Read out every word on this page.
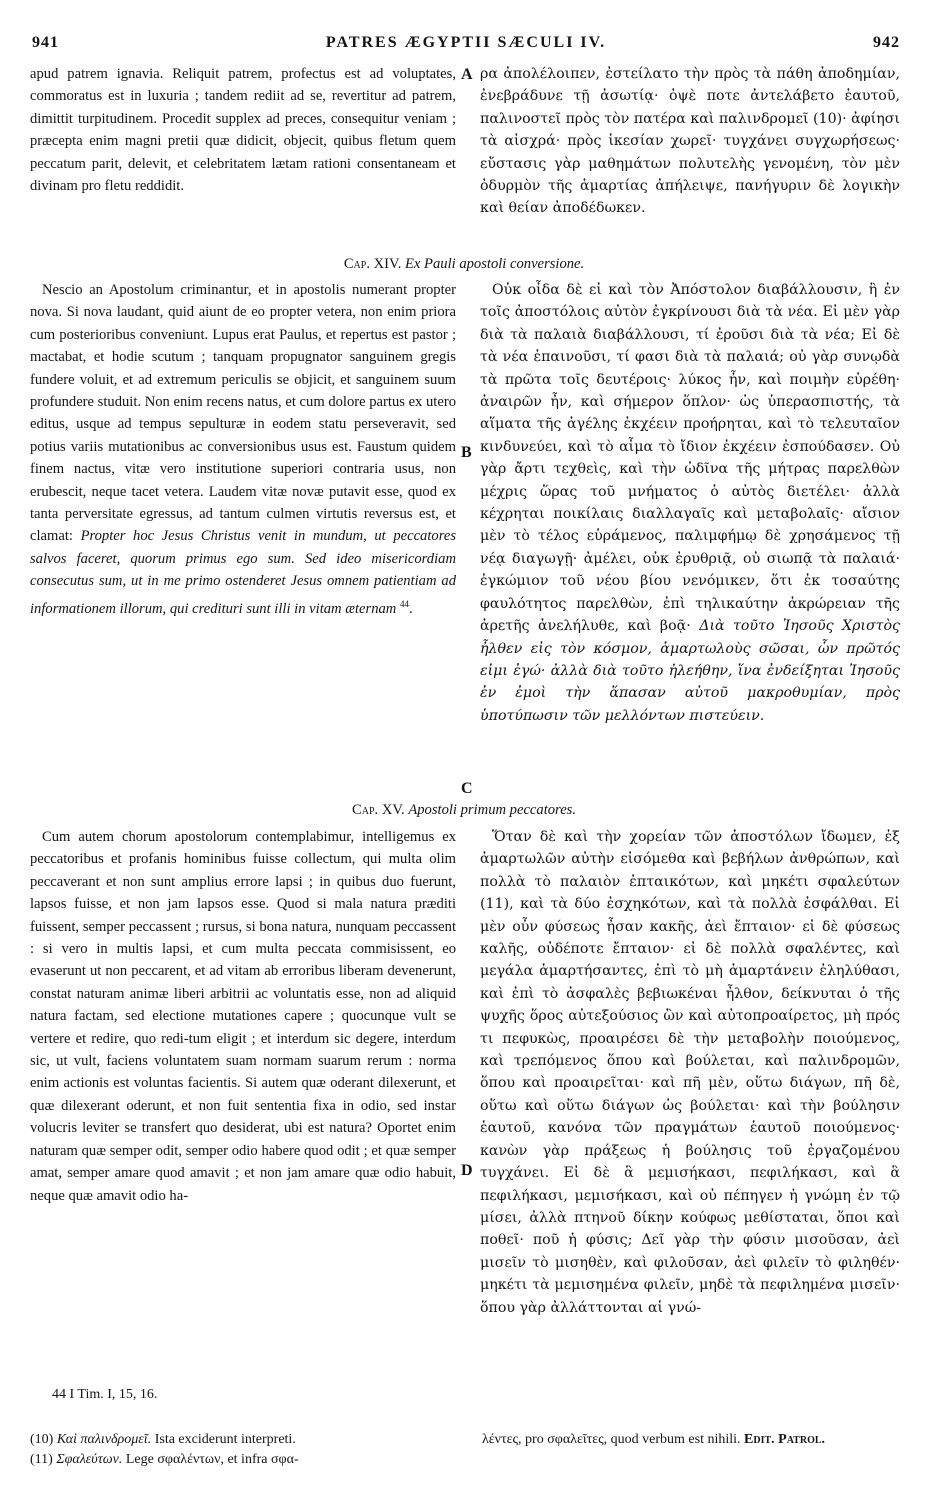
941	PATRES ÆGYPTII SÆCULI IV.	942
A
B
C
D

apud patrem ignavia. Reliquit patrem, profectus est ad voluptates, commoratus est in luxuria ; tandem rediit ad se, revertitur ad patrem, dimittit turpitudinem. Procedit supplex ad preces, consequitur veniam ; præcepta enim magni pretii quæ didicit, objecit, quibus fletum quem peccatum parit, delevit, et celebritatem lætam rationi consentaneam et divinam pro fletu reddidit.

ρα ἀπολέλοιπεν, ἐστείλατο τὴν πρὸς τὰ πάθη ἀποδημίαν, ἐνεβράδυνε τῇ ἀσωτίᾳ· ὀψὲ ποτε ἀντελάβετο ἑαυτοῦ, παλινοστεῖ πρὸς τὸν πατέρα καὶ παλινδρομεῖ (10)· ἀφίησι τὰ αἰσχρά· πρὸς ἱκεσίαν χωρεῖ· τυγχάνει συγχωρήσεως· εὔστασις γὰρ μαθημάτων πολυτελὴς γενομένη, τὸν μὲν ὀδυρμὸν τῆς ἁμαρτίας ἀπήλειψε, πανήγυριν δὲ λογικὴν καὶ θείαν ἀποδέδωκεν.

Cap. XIV. Ex Pauli apostoli conversione.

Nescio an Apostolum criminantur, et in apostolis numerant propter nova. Si nova laudant, quid aiunt de eo propter vetera, non enim priora cum posterioribus conveniunt. Lupus erat Paulus, et repertus est pastor ; mactabat, et hodie scutum ; tanquam propugnator sanguinem gregis fundere voluit, et ad extremum periculis se objicit, et sanguinem suum profundere studuit. Non enim recens natus, et cum dolore partus ex utero editus, usque ad tempus sepulturæ in eodem statu perseveravit, sed potius variis mutationibus ac conversionibus usus est. Faustum quidem finem nactus, vitæ vero institutione superiori contraria usus, non erubescit, neque tacet vetera. Laudem vitæ novæ putavit esse, quod ex tanta perversitate egressus, ad tantum culmen virtutis reversus est, et clamat: Propter hoc Jesus Christus venit in mundum, ut peccatores salvos faceret, quorum primus ego sum. Sed ideo misericordiam consecutus sum, ut in me primo ostenderet Jesus omnem patientiam ad informationem illorum, qui credituri sunt illi in vitam æternam $^{44}$.

Οὐκ οἶδα δὲ εἰ καὶ τὸν Ἀπόστολον διαβάλλουσιν, ἢ ἐν τοῖς ἀποστόλοις αὐτὸν ἐγκρίνουσι διὰ τὰ νέα. Εἰ μὲν γὰρ διὰ τὰ παλαιὰ διαβάλλουσι, τί ἐροῦσι διὰ τὰ νέα; Εἰ δὲ τὰ νέα ἐπαινοῦσι, τί φασι διὰ τὰ παλαιά; οὐ γὰρ συνῳδὰ τὰ πρῶτα τοῖς δευτέροις· λύκος ἦν, καὶ ποιμὴν εὑρέθη· ἀναιρῶν ἦν, καὶ σήμερον ὅπλον· ὡς ὑπερασπιστής, τὰ αἵματα τῆς ἀγέλης ἐκχέειν προήρηται, καὶ τὸ τελευταῖον κινδυνεύει, καὶ τὸ αἷμα τὸ ἴδιον ἐκχέειν ἐσπούδασεν. Οὐ γὰρ ἄρτι τεχθεὶς, καὶ τὴν ὠδῖνα τῆς μήτρας παρελθὼν μέχρις ὥρας τοῦ μνήματος ὁ αὐτὸς διετέλει· ἀλλὰ κέχρηται ποικίλαις διαλλαγαῖς καὶ μεταβολαῖς· αἴσιον μὲν τὸ τέλος εὑράμενος, παλιμφήμῳ δὲ χρησάμενος τῇ νέᾳ διαγωγῇ· ἀμέλει, οὐκ ἐρυθριᾷ, οὐ σιωπᾷ τὰ παλαιά· ἐγκώμιον τοῦ νέου βίου νενόμικεν, ὅτι ἐκ τοσαύτης φαυλότητος παρελθὼν, ἐπὶ τηλικαύτην ἀκρώρειαν τῆς ἀρετῆς ἀνελήλυθε, καὶ βοᾷ· Διὰ τοῦτο Ἰησοῦς Χριστὸς ἦλθεν εἰς τὸν κόσμον, ἁμαρτωλοὺς σῶσαι, ὧν πρῶτός εἰμι ἐγώ· ἀλλὰ διὰ τοῦτο ἠλεήθην, ἵνα ἐνδείξηται Ἰησοῦς ἐν ἐμοὶ τὴν ἅπασαν αὐτοῦ μακροθυμίαν, πρὸς ὑποτύπωσιν τῶν μελλόντων πιστεύειν.

Cap. XV. Apostoli primum peccatores.

Cum autem chorum apostolorum contemplabimur, intelligemus ex peccatoribus et profanis hominibus fuisse collectum, qui multa olim peccaverant et non sunt amplius errore lapsi ; in quibus duo fuerunt, lapsos fuisse, et non jam lapsos esse. Quod si mala natura præditi fuissent, semper peccassent ; rursus, si bona natura, nunquam peccassent : si vero in multis lapsi, et cum multa peccata commisissent, eo evaserunt ut non peccarent, et ad vitam ab erroribus liberam devenerunt, constat naturam animæ liberi arbitrii ac voluntatis esse, non ad aliquid natura factam, sed electione mutationes capere ; quocunque vult se vertere et redire, quo redi-tum eligit ; et interdum sic degere, interdum sic, ut vult, faciens voluntatem suam normam suarum rerum : norma enim actionis est voluntas facientis. Si autem quæ oderant dilexerunt, et quæ dilexerant oderunt, et non fuit sententia fixa in odio, sed instar volucris leviter se transfert quo desiderat, ubi est natura? Oportet enim naturam quæ semper odit, semper odio habere quod odit ; et quæ semper amat, semper amare quod amavit ; et non jam amare quæ odio habuit, neque quæ amavit odio ha-

Ὅταν δὲ καὶ τὴν χορείαν τῶν ἀποστόλων ἴδωμεν, ἐξ ἁμαρτωλῶν αὐτὴν εἰσόμεθα καὶ βεβήλων ἀνθρώπων, καὶ πολλὰ τὸ παλαιὸν ἐπταικότων, καὶ μηκέτι σφαλεύτων (11), καὶ τὰ δύο ἐσχηκότων, καὶ τὰ πολλὰ ἐσφάλθαι. Εἰ μὲν οὖν φύσεως ἦσαν κακῆς, ἀεὶ ἔπταιον· εἰ δὲ φύσεως καλῆς, οὐδέποτε ἔπταιον· εἰ δὲ πολλὰ σφαλέντες, καὶ μεγάλα ἁμαρτήσαντες, ἐπὶ τὸ μὴ ἁμαρτάνειν ἐληλύθασι, καὶ ἐπὶ τὸ ἀσφαλὲς βεβιωκέναι ἦλθον, δείκνυται ὁ τῆς ψυχῆς ὅρος αὐτεξούσιος ὢν καὶ αὐτοπροαίρετος, μὴ πρός τι πεφυκὼς, προαιρέσει δὲ τὴν μεταβολὴν ποιούμενος, καὶ τρεπόμενος ὅπου καὶ βούλεται, καὶ παλινδρομῶν, ὅπου καὶ προαιρεῖται· καὶ πῆ μὲν, οὕτω διάγων, πῆ δὲ, οὕτω καὶ οὕτω διάγων ὡς βούλεται· καὶ τὴν βούλησιν ἑαυτοῦ, κανόνα τῶν πραγμάτων ἑαυτοῦ ποιούμενος· κανὼν γὰρ πράξεως ἡ βούλησις τοῦ ἐργαζομένου τυγχάνει. Εἰ δὲ ἃ μεμισήκασι, πεφιλήκασι, καὶ ἃ πεφιλήκασι, μεμισήκασι, καὶ οὐ πέπηγεν ἡ γνώμη ἐν τῷ μίσει, ἀλλὰ πτηνοῦ δίκην κούφως μεθίσταται, ὅποι καὶ ποθεῖ· ποῦ ἡ φύσις; Δεῖ γὰρ τὴν φύσιν μισοῦσαν, ἀεὶ μισεῖν τὸ μισηθὲν, καὶ φιλοῦσαν, ἀεὶ φιλεῖν τὸ φιληθέν· μηκέτι τὰ μεμισημένα φιλεῖν, μηδὲ τὰ πεφιλημένα μισεῖν· ὅπου γὰρ ἀλλάττονται αἱ γνώ-

44 I Tim. I, 15, 16.
(10) Καὶ παλινδρομεῖ. Ista exciderunt interpreti.
(11) Σφαλεύτων. Lege σφαλέντων, et infra σφα-
λέντες, pro σφαλεῖτες, quod verbum est nihili. Edit. Patrol.
